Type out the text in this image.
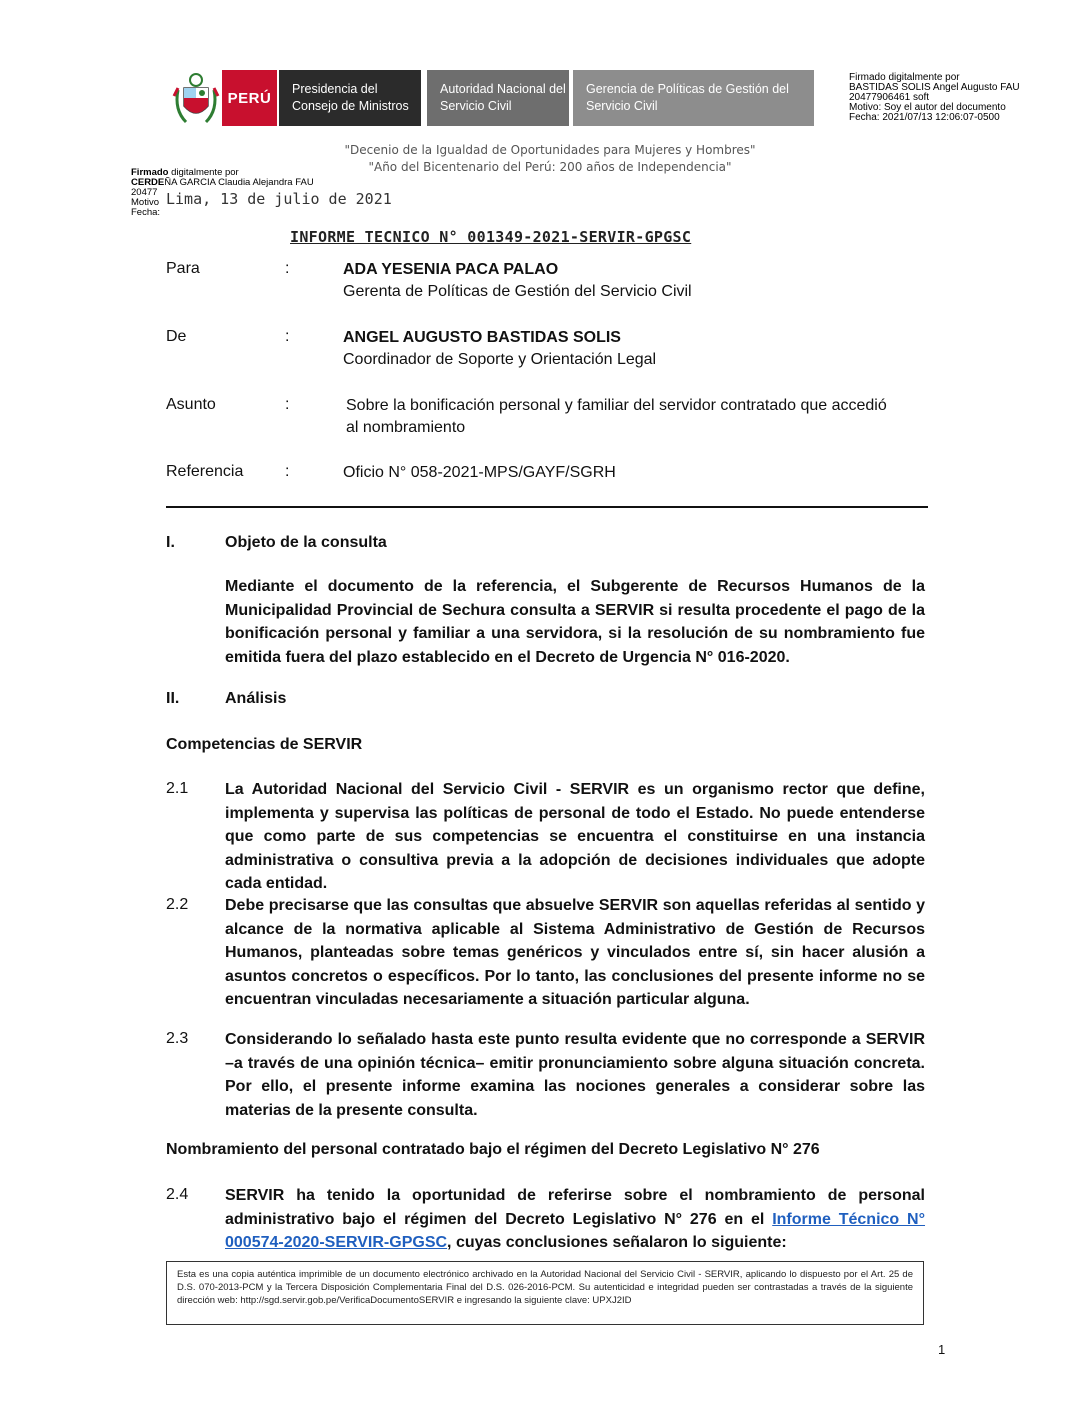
PERÚ
Presidencia del Consejo de Ministros
Autoridad Nacional del Servicio Civil
Gerencia de Políticas de Gestión del Servicio Civil
Firmado digitalmente por
BASTIDAS SOLIS Angel Augusto FAU
20477906461 soft
Motivo: Soy el autor del documento
Fecha: 2021/07/13 12:06:07-0500
"Decenio de la Igualdad de Oportunidades para Mujeres y Hombres"
"Año del Bicentenario del Perú: 200 años de Independencia"
Firmado digitalmente por
CERDEÑA GARCIA Claudia Alejandra FAU
20477
Motivo
Fecha:
Lima, 13 de julio de 2021
INFORME TECNICO N° 001349-2021-SERVIR-GPGSC
Para	:	ADA YESENIA PACA PALAO
Gerenta de Políticas de Gestión del Servicio Civil
De	:	ANGEL AUGUSTO BASTIDAS SOLIS
Coordinador de Soporte y Orientación Legal
Asunto	:	Sobre la bonificación personal y familiar del servidor contratado que accedió
al nombramiento
Referencia	:	Oficio N° 058-2021-MPS/GAYF/SGRH
I.	Objeto de la consulta
Mediante el documento de la referencia, el Subgerente de Recursos Humanos de la Municipalidad Provincial de Sechura consulta a SERVIR si resulta procedente el pago de la bonificación personal y familiar a una servidora, si la resolución de su nombramiento fue emitida fuera del plazo establecido en el Decreto de Urgencia N° 016-2020.
II.	Análisis
Competencias de SERVIR
2.1 La Autoridad Nacional del Servicio Civil - SERVIR es un organismo rector que define, implementa y supervisa las políticas de personal de todo el Estado. No puede entenderse que como parte de sus competencias se encuentra el constituirse en una instancia administrativa o consultiva previa a la adopción de decisiones individuales que adopte cada entidad.
2.2 Debe precisarse que las consultas que absuelve SERVIR son aquellas referidas al sentido y alcance de la normativa aplicable al Sistema Administrativo de Gestión de Recursos Humanos, planteadas sobre temas genéricos y vinculados entre sí, sin hacer alusión a asuntos concretos o específicos. Por lo tanto, las conclusiones del presente informe no se encuentran vinculadas necesariamente a situación particular alguna.
2.3 Considerando lo señalado hasta este punto resulta evidente que no corresponde a SERVIR –a través de una opinión técnica– emitir pronunciamiento sobre alguna situación concreta. Por ello, el presente informe examina las nociones generales a considerar sobre las materias de la presente consulta.
Nombramiento del personal contratado bajo el régimen del Decreto Legislativo N° 276
2.4 SERVIR ha tenido la oportunidad de referirse sobre el nombramiento de personal administrativo bajo el régimen del Decreto Legislativo N° 276 en el Informe Técnico N° 000574-2020-SERVIR-GPGSC, cuyas conclusiones señalaron lo siguiente:
Esta es una copia auténtica imprimible de un documento electrónico archivado en la Autoridad Nacional del Servicio Civil - SERVIR, aplicando lo dispuesto por el Art. 25 de D.S. 070-2013-PCM y la Tercera Disposición Complementaria Final del D.S. 026-2016-PCM. Su autenticidad e integridad pueden ser contrastadas a través de la siguiente dirección web: http://sgd.servir.gob.pe/VerificaDocumentoSERVIR e ingresando la siguiente clave: UPXJ2ID
1
